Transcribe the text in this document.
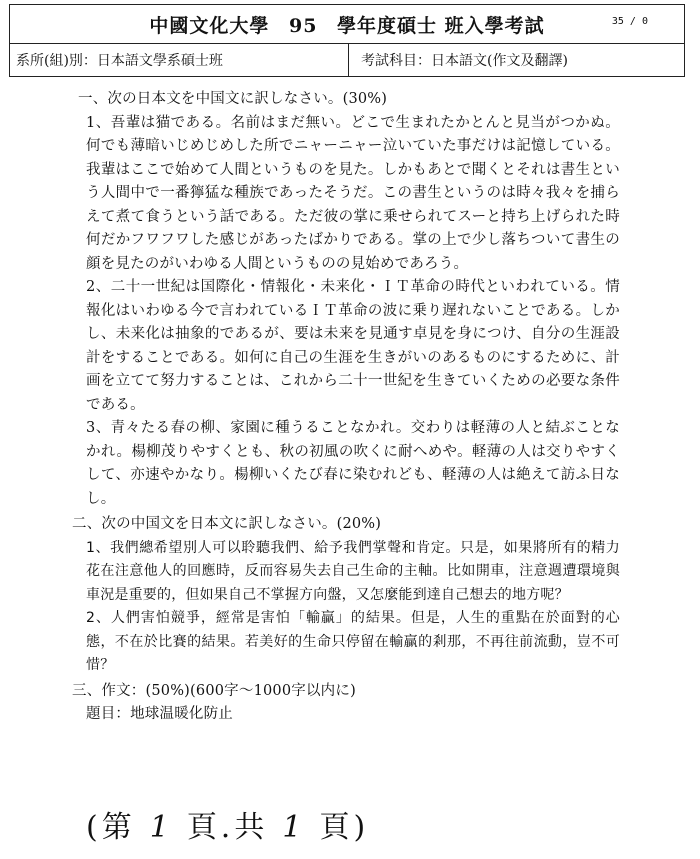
中國文化大學 95 學年度碩士 班入學考試	35 / 0
系所(組)別：日本語文學系碩士班	考試科目：日本語文(作文及翻譯)

一、次の日本文を中国文に訳しなさい。(30%)

1、吾輩は猫である。名前はまだ無い。どこで生まれたかとんと見当がつかぬ。何でも薄暗いじめじめした所でニャーニャー泣いていた事だけは記憶している。我輩はここで始めて人間というものを見た。しかもあとで聞くとそれは書生という人間中で一番獰猛な種族であったそうだ。この書生というのは時々我々を捕らえて煮て食うという話である。ただ彼の掌に乗せられてスーと持ち上げられた時何だかフワフワした感じがあったばかりである。掌の上で少し落ちついて書生の顔を見たのがいわゆる人間というものの見始めであろう。

2、二十一世紀は国際化・情報化・未来化・ＩＴ革命の時代といわれている。情報化はいわゆる今で言われているＩＴ革命の波に乗り遅れないことである。しかし、未来化は抽象的であるが、要は未来を見通す卓見を身につけ、自分の生涯設計をすることである。如何に自己の生涯を生きがいのあるものにするために、計画を立てて努力することは、これから二十一世紀を生きていくための必要な条件である。

3、青々たる春の柳、家園に種うることなかれ。交わりは軽薄の人と結ぶことなかれ。楊柳茂りやすくとも、秋の初風の吹くに耐へめや。軽薄の人は交りやすくして、亦速やかなり。楊柳いくたび春に染むれども、軽薄の人は絶えて訪ふ日なし。

二、次の中国文を日本文に訳しなさい。(20%)

1、我們總希望別人可以聆聽我們、給予我們掌聲和肯定。只是，如果將所有的精力花在注意他人的回應時，反而容易失去自己生命的主軸。比如開車，注意週遭環境與車況是重要的，但如果自己不掌握方向盤，又怎麼能到達自己想去的地方呢？

2、人們害怕競爭，經常是害怕「輸贏」的結果。但是，人生的重點在於面對的心態，不在於比賽的結果。若美好的生命只停留在輸贏的剎那，不再往前流動，豈不可惜？

三、作文：(50%)(600字～1000字以内に)

題目：地球温暖化防止

(第 1 頁.共 1 頁)
